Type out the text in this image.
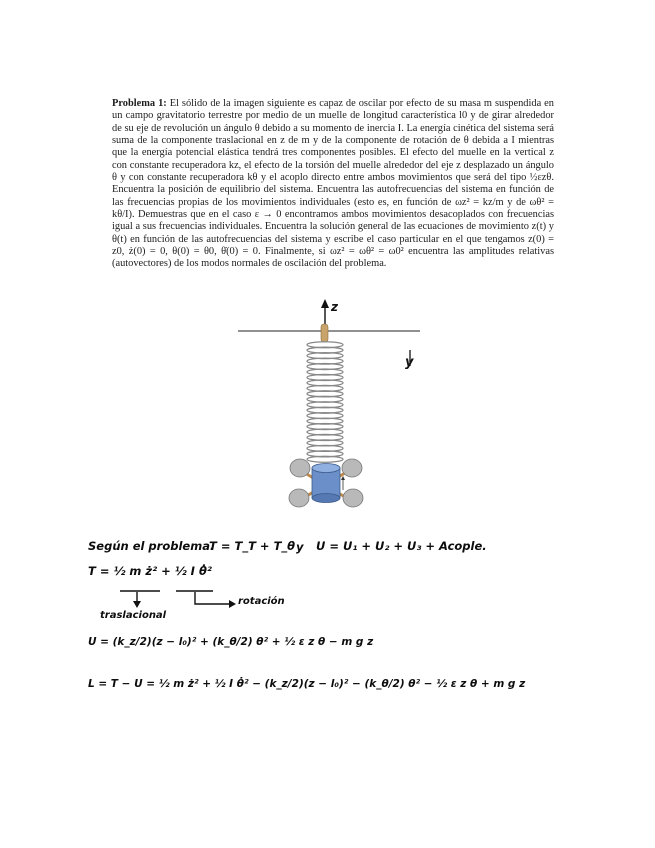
Problema 1: El sólido de la imagen siguiente es capaz de oscilar por efecto de su masa m suspendida en un campo gravitatorio terrestre por medio de un muelle de longitud característica l0 y de girar alrededor de su eje de revolución un ángulo θ debido a su momento de inercia I. La energía cinética del sistema será suma de la componente traslacional en z de m y de la componente de rotación de θ debida a I mientras que la energía potencial elástica tendrá tres componentes posibles. El efecto del muelle en la vertical z con constante recuperadora kz, el efecto de la torsión del muelle alrededor del eje z desplazado un ángulo θ y con constante recuperadora kθ y el acoplo directo entre ambos movimientos que será del tipo ½εzθ. Encuentra la posición de equilibrio del sistema. Encuentra las autofrecuencias del sistema en función de las frecuencias propias de los movimientos individuales (esto es, en función de ωz² = kz/m y de ωθ² = kθ/I). Demuestras que en el caso ε → 0 encontramos ambos movimientos desacoplados con frecuencias igual a sus frecuencias individuales. Encuentra la solución general de las ecuaciones de movimiento z(t) y θ(t) en función de las autofrecuencias del sistema y escribe el caso particular en el que tengamos z(0) = z0, ż(0) = 0, θ(0) = θ0, θ̇(0) = 0. Finalmente, si ωz² = ωθ² = ω0² encuentra las amplitudes relativas (autovectores) de los modos normales de oscilación del problema.
z
y
Según el problema.
T = T_T + T_θ y U = U₁ + U₂ + U₃ + Acople.
T = ½ m ż² + ½ I θ̇²
rotación
traslacional
U = (k_z/2)(z − l₀)² + (k_θ/2) θ² + ½ ε z θ − m g z
L = T − U = ½ m ż² + ½ I θ̇² − (k_z/2)(z − l₀)² − (k_θ/2) θ² − ½ ε z θ + m g z
